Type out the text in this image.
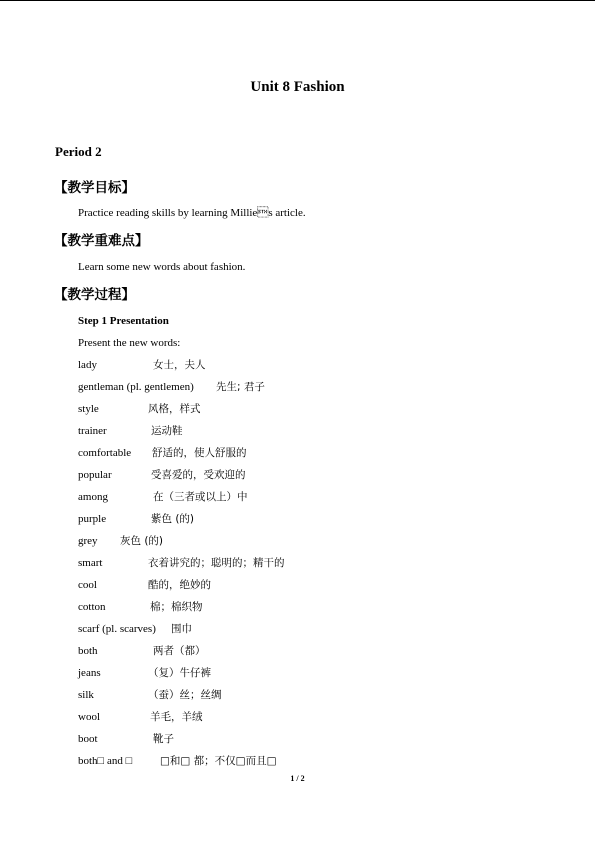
Unit 8 Fashion
Period 2
【教学目标】
Practice reading skills by learning Millies article.
【教学重难点】
Learn some new words about fashion.
【教学过程】
Step 1 Presentation
Present the new words:
lady	女士，夫人
gentleman (pl. gentlemen) 先生; 君子
style	风格，样式
trainer	运动鞋
comfortable 舒适的，使人舒服的
popular	受喜爱的，受欢迎的
among	在（三者或以上）中
purple	紫色 (的)
grey 灰色 (的)
smart	衣着讲究的；聪明的；精干的
cool	酷的，绝妙的
cotton	棉；棉织物
scarf (pl. scarves) 围巾
both	两者（都）
jeans	（复）牛仔裤
silk	（蚕）丝；丝绸
wool	羊毛，羊绒
boot	靴子
both□ and □	□和□ 都；不仅□而且□
1 / 2
